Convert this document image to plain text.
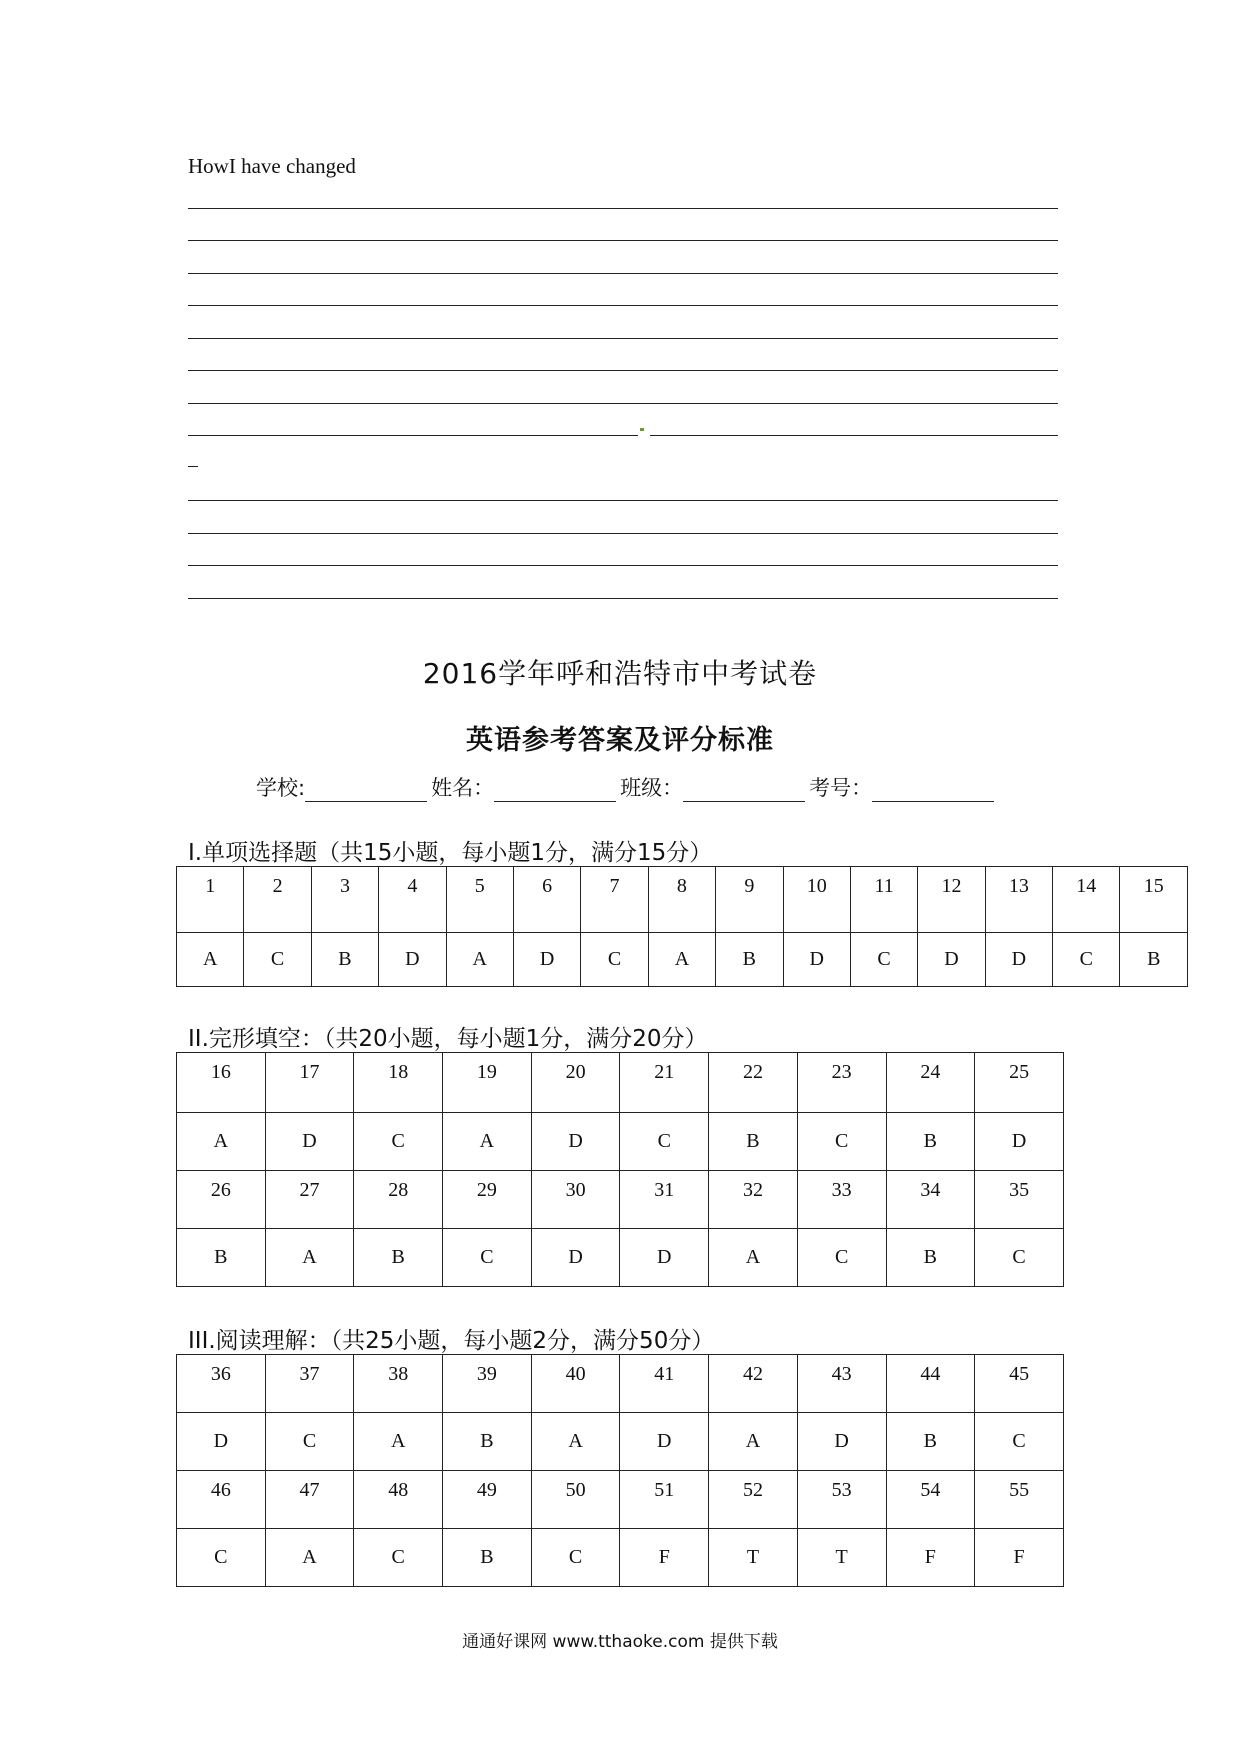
HowI have changed
2016学年呼和浩特市中考试卷
英语参考答案及评分标准
学校:	姓名：	班级：	考号：
I.单项选择题（共15小题，每小题1分，满分15分）
1	2	3	4	5	6	7	8	9	10	11	12	13	14	15
A	C	B	D	A	D	C	A	B	D	C	D	D	C	B
II.完形填空：（共20小题，每小题1分，满分20分）
16	17	18	19	20	21	22	23	24	25
A	D	C	A	D	C	B	C	B	D
26	27	28	29	30	31	32	33	34	35
B	A	B	C	D	D	A	C	B	C
III.阅读理解：（共25小题，每小题2分，满分50分）
36	37	38	39	40	41	42	43	44	45
D	C	A	B	A	D	A	D	B	C
46	47	48	49	50	51	52	53	54	55
C	A	C	B	C	F	T	T	F	F
通通好课网 www.tthaoke.com 提供下载
